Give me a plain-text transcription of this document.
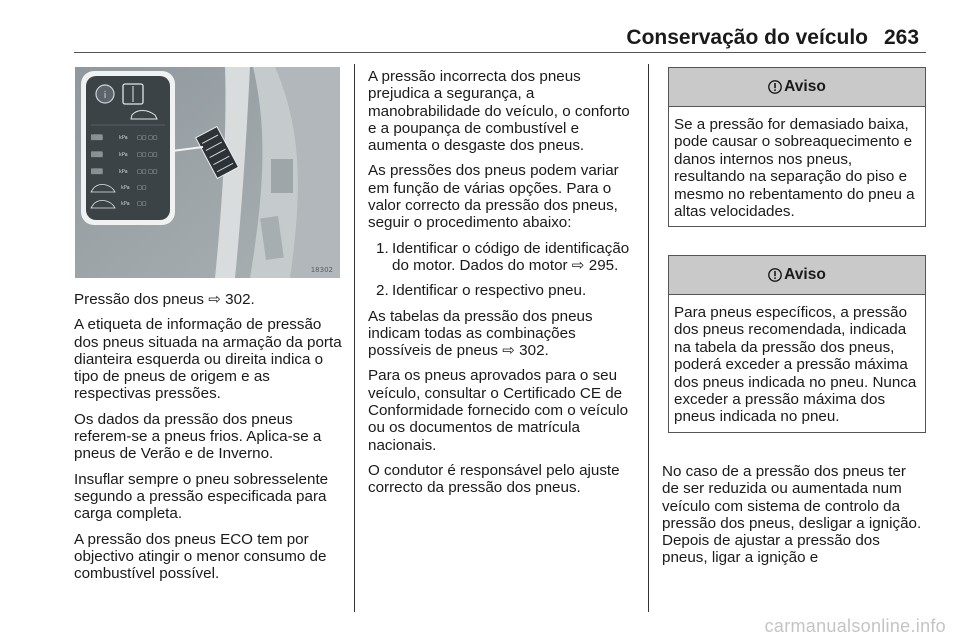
Conservação do veículo 263
i
▒▒▒	kPa □□ □□
▒▒▒	kPa □□ □□
▒▒▒	kPa □□ □□
kPa □□
kPa □□
18302

Pressão dos pneus ⇨ 302.

A etiqueta de informação de pressão dos pneus situada na armação da porta dianteira esquerda ou direita indica o tipo de pneus de origem e as respectivas pressões.

Os dados da pressão dos pneus referem-se a pneus frios. Aplica-se a pneus de Verão e de Inverno.

Insuflar sempre o pneu sobresselente segundo a pressão especificada para carga completa.

A pressão dos pneus ECO tem por objectivo atingir o menor consumo de combustível possível.

A pressão incorrecta dos pneus prejudica a segurança, a manobrabilidade do veículo, o conforto e a poupança de combustível e aumenta o desgaste dos pneus.

As pressões dos pneus podem variar em função de várias opções. Para o valor correcto da pressão dos pneus, seguir o procedimento abaixo:

1. Identificar o código de identificação do motor. Dados do motor ⇨ 295.
2. Identificar o respectivo pneu.

As tabelas da pressão dos pneus indicam todas as combinações possíveis de pneus ⇨ 302.

Para os pneus aprovados para o seu veículo, consultar o Certificado CE de Conformidade fornecido com o veículo ou os documentos de matrícula nacionais.

O condutor é responsável pelo ajuste correcto da pressão dos pneus.

Aviso
Se a pressão for demasiado baixa, pode causar o sobreaquecimento e danos internos nos pneus, resultando na separação do piso e mesmo no rebentamento do pneu a altas velocidades.
Aviso
Para pneus específicos, a pressão dos pneus recomendada, indicada na tabela da pressão dos pneus, poderá exceder a pressão máxima dos pneus indicada no pneu. Nunca exceder a pressão máxima dos pneus indicada no pneu.

No caso de a pressão dos pneus ter de ser reduzida ou aumentada num veículo com sistema de controlo da pressão dos pneus, desligar a ignição. Depois de ajustar a pressão dos pneus, ligar a ignição e

carmanualsonline.info
